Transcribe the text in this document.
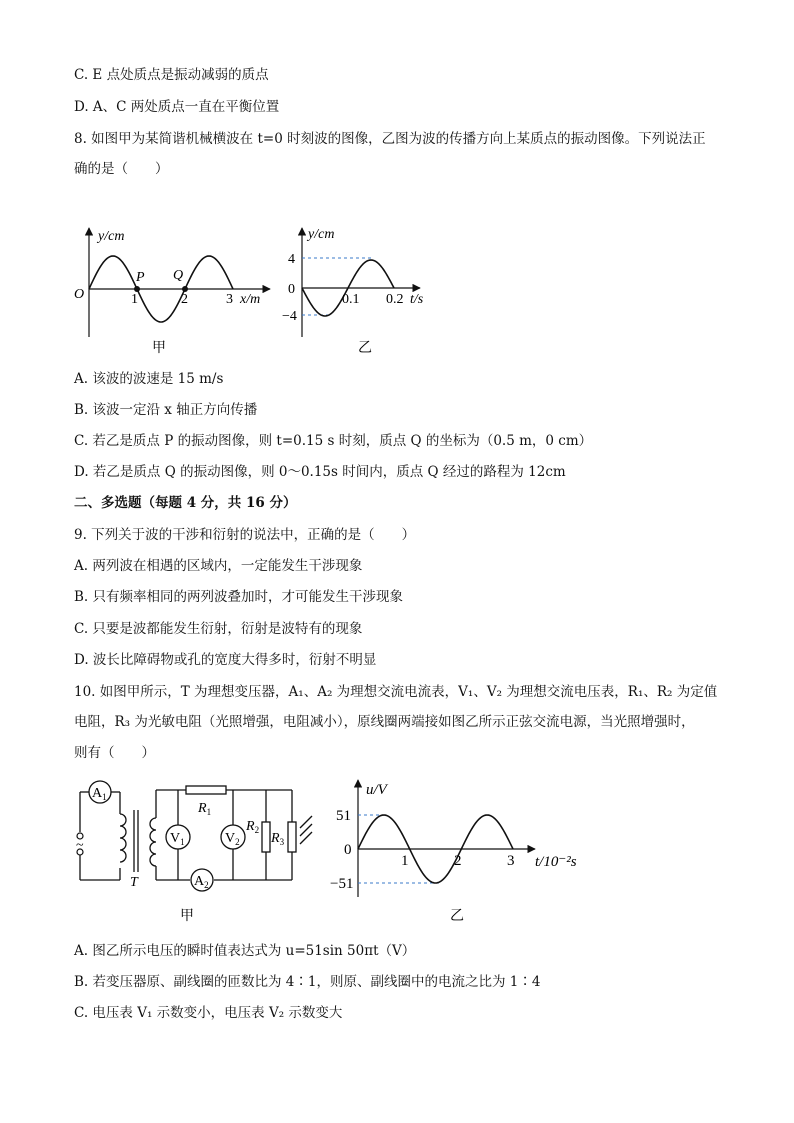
C. E 点处质点是振动减弱的质点
D. A、C 两处质点一直在平衡位置
8. 如图甲为某简谐机械横波在 t=0 时刻波的图像，乙图为波的传播方向上某质点的振动图像。下列说法正
确的是（　　）
y/cm
O	1	2	3 x/m
P Q
甲
y/cm
4
0
−4
0.1 0.2 t/s
乙
A. 该波的波速是 15 m/s
B. 该波一定沿 x 轴正方向传播
C. 若乙是质点 P 的振动图像，则 t=0.15 s 时刻，质点 Q 的坐标为（0.5 m，0 cm）
D. 若乙是质点 Q 的振动图像，则 0～0.15s 时间内，质点 Q 经过的路程为 12cm
二、多选题（每题 4 分，共 16 分）
9. 下列关于波的干涉和衍射的说法中，正确的是（　　）
A. 两列波在相遇的区域内，一定能发生干涉现象
B. 只有频率相同的两列波叠加时，才可能发生干涉现象
C. 只要是波都能发生衍射，衍射是波特有的现象
D. 波长比障碍物或孔的宽度大得多时，衍射不明显
10. 如图甲所示，T 为理想变压器，A₁、A₂ 为理想交流电流表，V₁、V₂ 为理想交流电压表，R₁、R₂ 为定值
电阻，R₃ 为光敏电阻（光照增强，电阻减小），原线圈两端接如图乙所示正弦交流电源，当光照增强时，
则有（　　）
~
$A_1$
$A_2$
$V_1$	$V_2$
$R_1$
$R_2$
$R_3$
T
甲
u/V
51
0
−51
1	2	3 t/10⁻²s
乙
A. 图乙所示电压的瞬时值表达式为 u=51sin 50πt（V）
B. 若变压器原、副线圈的匝数比为 4∶1，则原、副线圈中的电流之比为 1∶4
C. 电压表 V₁ 示数变小，电压表 V₂ 示数变大
